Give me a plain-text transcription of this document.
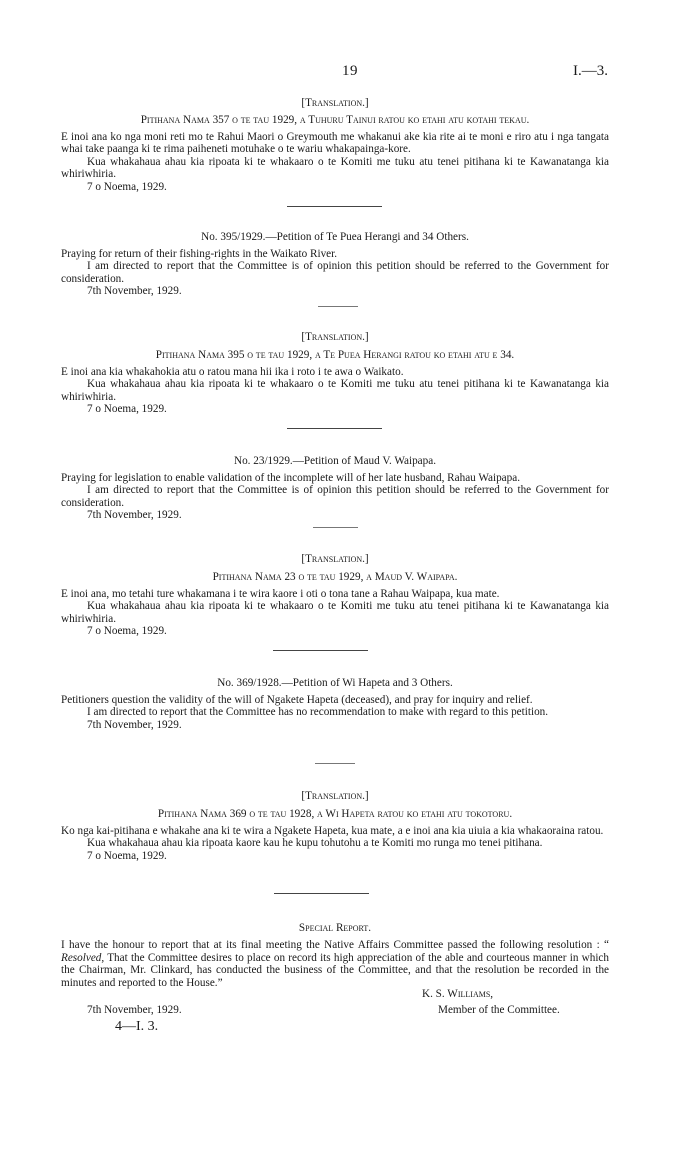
19	I.—3.
[Translation.]

Pitihana Nama 357 o te tau 1929, a Tuhuru Tainui ratou ko etahi atu kotahi tekau.

E inoi ana ko nga moni reti mo te Rahui Maori o Greymouth me whakanui ake kia rite ai te moni e riro atu i nga tangata whai take paanga ki te rima paiheneti motuhake o te wariu whakapainga-kore.

Kua whakahaua ahau kia ripoata ki te whakaaro o te Komiti me tuku atu tenei pitihana ki te Kawanatanga kia whiriwhiria.

7 o Noema, 1929.

No. 395/1929.—Petition of Te Puea Herangi and 34 Others.

Praying for return of their fishing-rights in the Waikato River.

I am directed to report that the Committee is of opinion this petition should be referred to the Government for consideration.

7th November, 1929.

[Translation.]

Pitihana Nama 395 o te tau 1929, a Te Puea Herangi ratou ko etahi atu e 34.

E inoi ana kia whakahokia atu o ratou mana hii ika i roto i te awa o Waikato.

Kua whakahaua ahau kia ripoata ki te whakaaro o te Komiti me tuku atu tenei pitihana ki te Kawanatanga kia whiriwhiria.

7 o Noema, 1929.

No. 23/1929.—Petition of Maud V. Waipapa.

Praying for legislation to enable validation of the incomplete will of her late husband, Rahau Waipapa.

I am directed to report that the Committee is of opinion this petition should be referred to the Government for consideration.

7th November, 1929.

[Translation.]

Pitihana Nama 23 o te tau 1929, a Maud V. Waipapa.

E inoi ana, mo tetahi ture whakamana i te wira kaore i oti o tona tane a Rahau Waipapa, kua mate.

Kua whakahaua ahau kia ripoata ki te whakaaro o te Komiti me tuku atu tenei pitihana ki te Kawanatanga kia whiriwhiria.

7 o Noema, 1929.

No. 369/1928.—Petition of Wi Hapeta and 3 Others.

Petitioners question the validity of the will of Ngakete Hapeta (deceased), and pray for inquiry and relief.

I am directed to report that the Committee has no recommendation to make with regard to this petition.

7th November, 1929.

[Translation.]

Pitihana Nama 369 o te tau 1928, a Wi Hapeta ratou ko etahi atu tokotoru.

Ko nga kai-pitihana e whakahe ana ki te wira a Ngakete Hapeta, kua mate, a e inoi ana kia uiuia a kia whakaoraina ratou.

Kua whakahaua ahau kia ripoata kaore kau he kupu tohutohu a te Komiti mo runga mo tenei pitihana.

7 o Noema, 1929.

Special Report.

I have the honour to report that at its final meeting the Native Affairs Committee passed the following resolution : “ Resolved, That the Committee desires to place on record its high appreciation of the able and courteous manner in which the Chairman, Mr. Clinkard, has conducted the business of the Committee, and that the resolution be recorded in the minutes and reported to the House.”

K. S. Williams,
7th November, 1929.	Member of the Committee.
4—I. 3.
